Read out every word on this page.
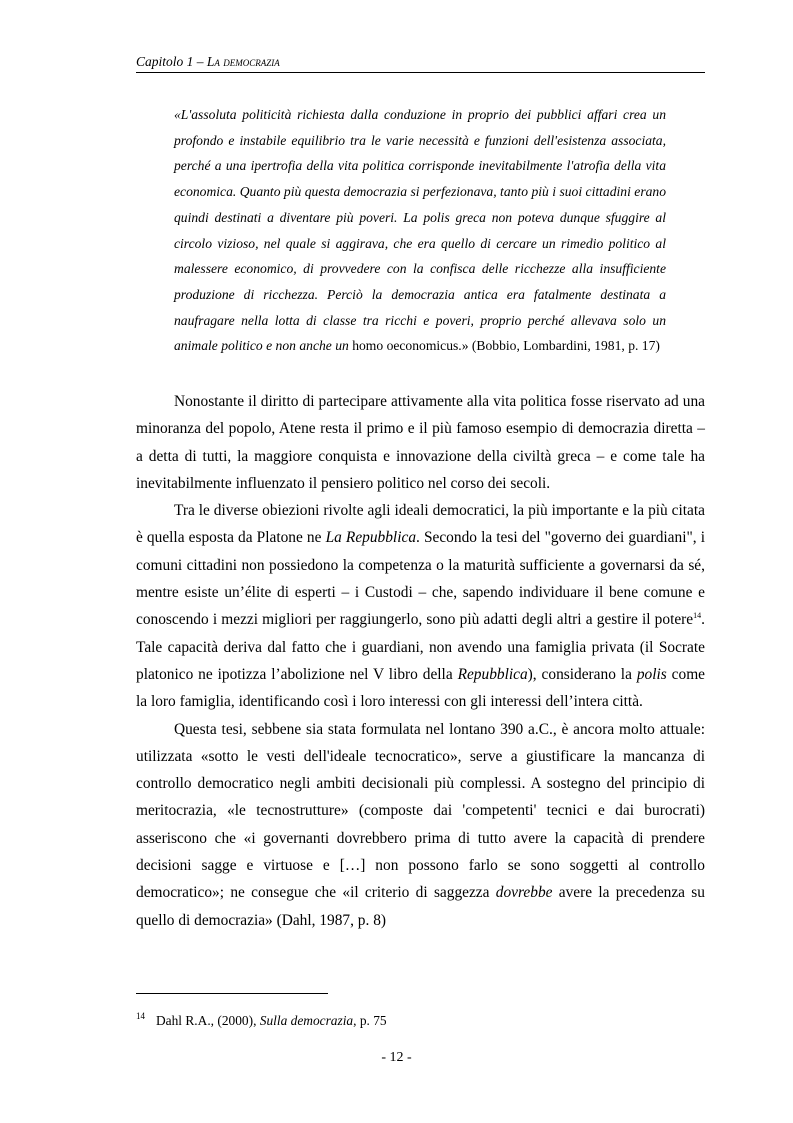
Capitolo 1 – La democrazia
«L'assoluta politicità richiesta dalla conduzione in proprio dei pubblici affari crea un profondo e instabile equilibrio tra le varie necessità e funzioni dell'esistenza associata, perché a una ipertrofia della vita politica corrisponde inevitabilmente l'atrofia della vita economica. Quanto più questa democrazia si perfezionava, tanto più i suoi cittadini erano quindi destinati a diventare più poveri. La polis greca non poteva dunque sfuggire al circolo vizioso, nel quale si aggirava, che era quello di cercare un rimedio politico al malessere economico, di provvedere con la confisca delle ricchezze alla insufficiente produzione di ricchezza. Perciò la democrazia antica era fatalmente destinata a naufragare nella lotta di classe tra ricchi e poveri, proprio perché allevava solo un animale politico e non anche un homo oeconomicus.» (Bobbio, Lombardini, 1981, p. 17)

Nonostante il diritto di partecipare attivamente alla vita politica fosse riservato ad una minoranza del popolo, Atene resta il primo e il più famoso esempio di democrazia diretta – a detta di tutti, la maggiore conquista e innovazione della civiltà greca – e come tale ha inevitabilmente influenzato il pensiero politico nel corso dei secoli.

Tra le diverse obiezioni rivolte agli ideali democratici, la più importante e la più citata è quella esposta da Platone ne La Repubblica. Secondo la tesi del "governo dei guardiani", i comuni cittadini non possiedono la competenza o la maturità sufficiente a governarsi da sé, mentre esiste un’élite di esperti – i Custodi – che, sapendo individuare il bene comune e conoscendo i mezzi migliori per raggiungerlo, sono più adatti degli altri a gestire il potere$^{14}$. Tale capacità deriva dal fatto che i guardiani, non avendo una famiglia privata (il Socrate platonico ne ipotizza l’abolizione nel V libro della Repubblica), considerano la polis come la loro famiglia, identificando così i loro interessi con gli interessi dell’intera città.

Questa tesi, sebbene sia stata formulata nel lontano 390 a.C., è ancora molto attuale: utilizzata «sotto le vesti dell'ideale tecnocratico», serve a giustificare la mancanza di controllo democratico negli ambiti decisionali più complessi. A sostegno del principio di meritocrazia, «le tecnostrutture» (composte dai 'competenti' tecnici e dai burocrati) asseriscono che «i governanti dovrebbero prima di tutto avere la capacità di prendere decisioni sagge e virtuose e […] non possono farlo se sono soggetti al controllo democratico»; ne consegue che «il criterio di saggezza dovrebbe avere la precedenza su quello di democrazia» (Dahl, 1987, p. 8)

14 Dahl R.A., (2000), Sulla democrazia, p. 75
- 12 -
